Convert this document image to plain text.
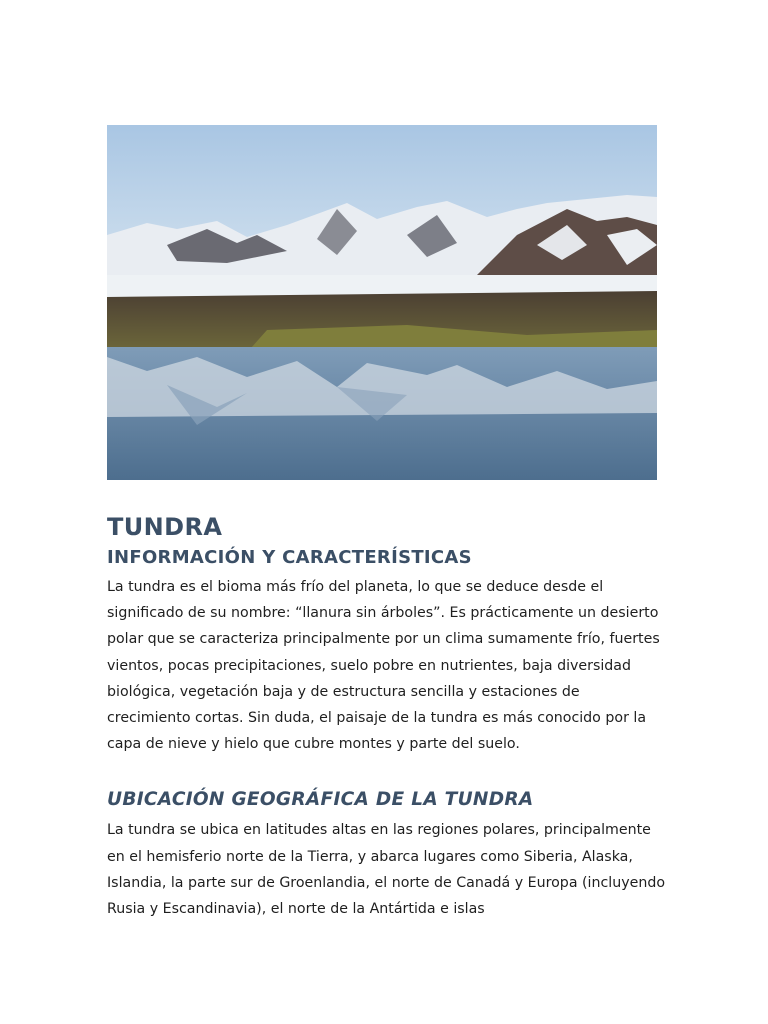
TUNDRA
INFORMACIÓN Y CARACTERÍSTICAS

La tundra es el bioma más frío del planeta, lo que se deduce desde el significado de su nombre: “llanura sin árboles”. Es prácticamente un desierto polar que se caracteriza principalmente por un clima sumamente frío, fuertes vientos, pocas precipitaciones, suelo pobre en nutrientes, baja diversidad biológica, vegetación baja y de estructura sencilla y estaciones de crecimiento cortas. Sin duda, el paisaje de la tundra es más conocido por la capa de nieve y hielo que cubre montes y parte del suelo.

UBICACIÓN GEOGRÁFICA DE LA TUNDRA

La tundra se ubica en latitudes altas en las regiones polares, principalmente en el hemisferio norte de la Tierra, y abarca lugares como Siberia, Alaska, Islandia, la parte sur de Groenlandia, el norte de Canadá y Europa (incluyendo Rusia y Escandinavia), el norte de la Antártida e islas
